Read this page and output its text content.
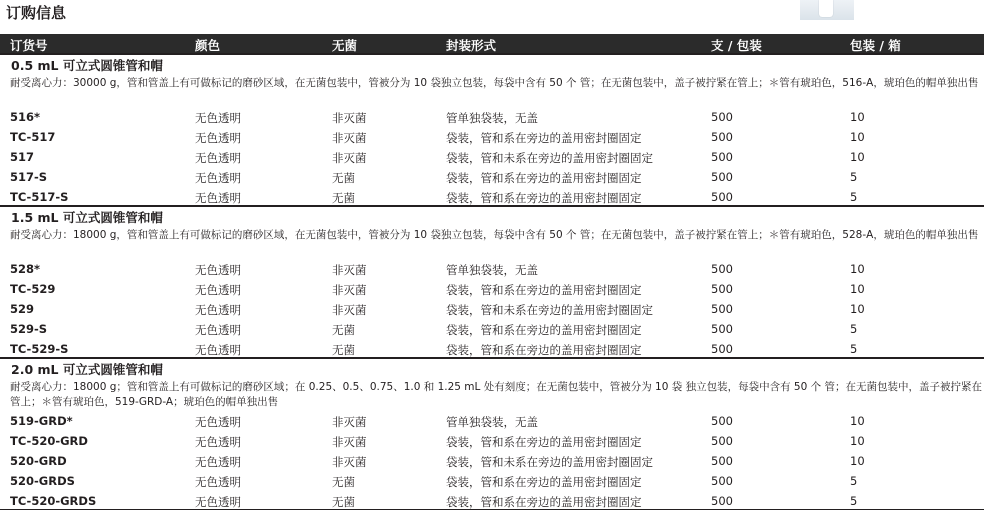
订购信息
订货号	颜色	无菌	封装形式	支 / 包装	包装 / 箱
0.5 mL 可立式圆锥管和帽
耐受离心力：30000 g，管和管盖上有可做标记的磨砂区域，在无菌包装中，管被分为 10 袋独立包装，每袋中含有 50 个 管；在无菌包装中，盖子被拧紧在管上；＊管有琥珀色，516-A，琥珀色的帽单独出售
516*	无色透明	非灭菌	管单独袋装，无盖	500	10
TC-517	无色透明	非灭菌	袋装，管和系在旁边的盖用密封圈固定	500	10
517	无色透明	非灭菌	袋装，管和未系在旁边的盖用密封圈固定	500	10
517-S	无色透明	无菌	袋装，管和系在旁边的盖用密封圈固定	500	5
TC-517-S	无色透明	无菌	袋装，管和系在旁边的盖用密封圈固定	500	5
1.5 mL 可立式圆锥管和帽
耐受离心力：18000 g，管和管盖上有可做标记的磨砂区域，在无菌包装中，管被分为 10 袋独立包装，每袋中含有 50 个 管；在无菌包装中，盖子被拧紧在管上；＊管有琥珀色，528-A，琥珀色的帽单独出售
528*	无色透明	非灭菌	管单独袋装，无盖	500	10
TC-529	无色透明	非灭菌	袋装，管和系在旁边的盖用密封圈固定	500	10
529	无色透明	非灭菌	袋装，管和未系在旁边的盖用密封圈固定	500	10
529-S	无色透明	无菌	袋装，管和系在旁边的盖用密封圈固定	500	5
TC-529-S	无色透明	无菌	袋装，管和系在旁边的盖用密封圈固定	500	5
2.0 mL 可立式圆锥管和帽
耐受离心力：18000 g；管和管盖上有可做标记的磨砂区域；在 0.25、0.5、0.75、1.0 和 1.25 mL 处有刻度；在无菌包装中，管被分为 10 袋 独立包装，每袋中含有 50 个 管；在无菌包装中，盖子被拧紧在管上；＊管有琥珀色，519-GRD-A；琥珀色的帽单独出售
519-GRD*	无色透明	非灭菌	管单独袋装，无盖	500	10
TC-520-GRD	无色透明	非灭菌	袋装，管和系在旁边的盖用密封圈固定	500	10
520-GRD	无色透明	非灭菌	袋装，管和未系在旁边的盖用密封圈固定	500	10
520-GRDS	无色透明	无菌	袋装，管和系在旁边的盖用密封圈固定	500	5
TC-520-GRDS	无色透明	无菌	袋装，管和系在旁边的盖用密封圈固定	500	5
